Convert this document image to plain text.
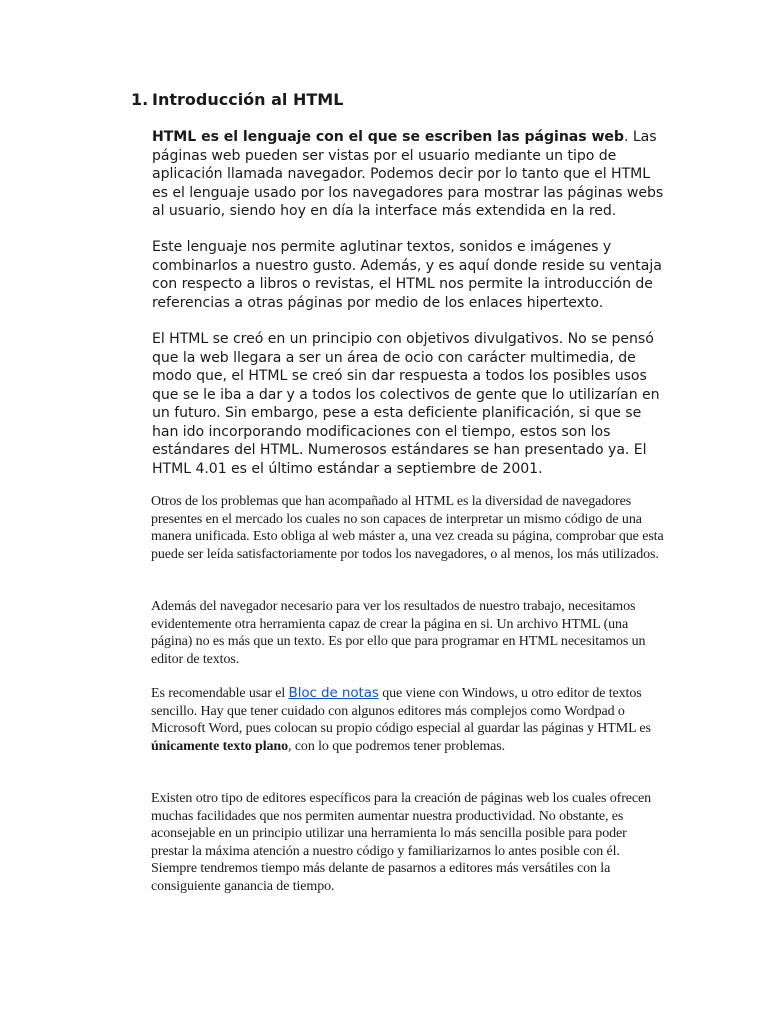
1. Introducción al HTML

HTML es el lenguaje con el que se escriben las páginas web. Las páginas web pueden ser vistas por el usuario mediante un tipo de aplicación llamada navegador. Podemos decir por lo tanto que el HTML es el lenguaje usado por los navegadores para mostrar las páginas webs al usuario, siendo hoy en día la interface más extendida en la red.

Este lenguaje nos permite aglutinar textos, sonidos e imágenes y combinarlos a nuestro gusto. Además, y es aquí donde reside su ventaja con respecto a libros o revistas, el HTML nos permite la introducción de referencias a otras páginas por medio de los enlaces hipertexto.

El HTML se creó en un principio con objetivos divulgativos. No se pensó que la web llegara a ser un área de ocio con carácter multimedia, de modo que, el HTML se creó sin dar respuesta a todos los posibles usos que se le iba a dar y a todos los colectivos de gente que lo utilizarían en un futuro. Sin embargo, pese a esta deficiente planificación, si que se han ido incorporando modificaciones con el tiempo, estos son los estándares del HTML. Numerosos estándares se han presentado ya. El HTML 4.01 es el último estándar a septiembre de 2001.

Otros de los problemas que han acompañado al HTML es la diversidad de navegadores presentes en el mercado los cuales no son capaces de interpretar un mismo código de una manera unificada. Esto obliga al web máster a, una vez creada su página, comprobar que esta puede ser leída satisfactoriamente por todos los navegadores, o al menos, los más utilizados.

Además del navegador necesario para ver los resultados de nuestro trabajo, necesitamos evidentemente otra herramienta capaz de crear la página en si. Un archivo HTML (una página) no es más que un texto. Es por ello que para programar en HTML necesitamos un editor de textos.

Es recomendable usar el Bloc de notas que viene con Windows, u otro editor de textos sencillo. Hay que tener cuidado con algunos editores más complejos como Wordpad o Microsoft Word, pues colocan su propio código especial al guardar las páginas y HTML es únicamente texto plano, con lo que podremos tener problemas.

Existen otro tipo de editores específicos para la creación de páginas web los cuales ofrecen muchas facilidades que nos permiten aumentar nuestra productividad. No obstante, es aconsejable en un principio utilizar una herramienta lo más sencilla posible para poder prestar la máxima atención a nuestro código y familiarizarnos lo antes posible con él. Siempre tendremos tiempo más delante de pasarnos a editores más versátiles con la consiguiente ganancia de tiempo.
